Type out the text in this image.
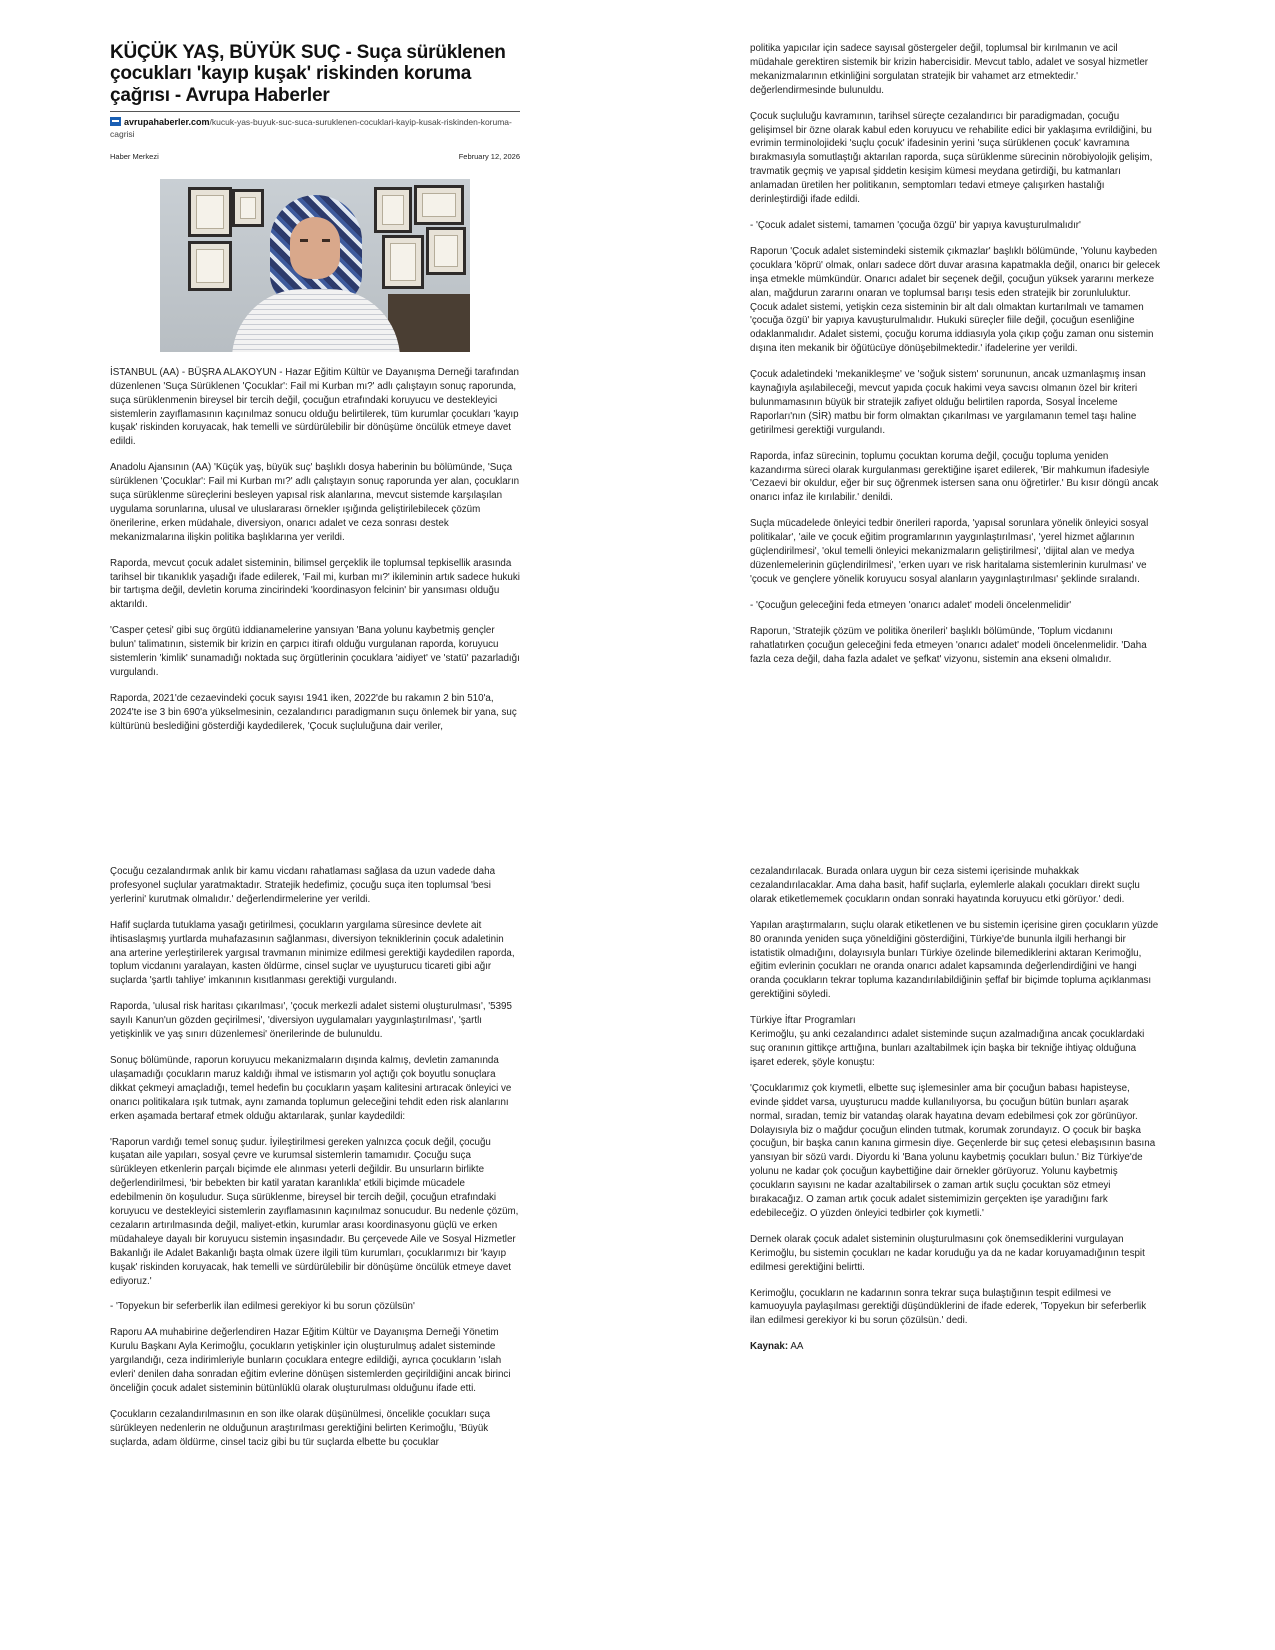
KÜÇÜK YAŞ, BÜYÜK SUÇ - Suça sürüklenen çocukları 'kayıp kuşak' riskinden koruma çağrısı - Avrupa Haberler
avrupahaberler.com/kucuk-yas-buyuk-suc-suca-suruklenen-cocuklari-kayip-kusak-riskinden-koruma-cagrisi
Haber Merkezi	February 12, 2026

İSTANBUL (AA) - BÜŞRA ALAKOYUN - Hazar Eğitim Kültür ve Dayanışma Derneği tarafından düzenlenen 'Suça Sürüklenen 'Çocuklar': Fail mi Kurban mı?' adlı çalıştayın sonuç raporunda, suça sürüklenmenin bireysel bir tercih değil, çocuğun etrafındaki koruyucu ve destekleyici sistemlerin zayıflamasının kaçınılmaz sonucu olduğu belirtilerek, tüm kurumlar çocukları 'kayıp kuşak' riskinden koruyacak, hak temelli ve sürdürülebilir bir dönüşüme öncülük etmeye davet edildi.

Anadolu Ajansının (AA) 'Küçük yaş, büyük suç' başlıklı dosya haberinin bu bölümünde, 'Suça sürüklenen 'Çocuklar': Fail mi Kurban mı?' adlı çalıştayın sonuç raporunda yer alan, çocukların suça sürüklenme süreçlerini besleyen yapısal risk alanlarına, mevcut sistemde karşılaşılan uygulama sorunlarına, ulusal ve uluslararası örnekler ışığında geliştirilebilecek çözüm önerilerine, erken müdahale, diversiyon, onarıcı adalet ve ceza sonrası destek mekanizmalarına ilişkin politika başlıklarına yer verildi.

Raporda, mevcut çocuk adalet sisteminin, bilimsel gerçeklik ile toplumsal tepkisellik arasında tarihsel bir tıkanıklık yaşadığı ifade edilerek, 'Fail mi, kurban mı?' ikileminin artık sadece hukuki bir tartışma değil, devletin koruma zincirindeki 'koordinasyon felcinin' bir yansıması olduğu aktarıldı.

'Casper çetesi' gibi suç örgütü iddianamelerine yansıyan 'Bana yolunu kaybetmiş gençler bulun' talimatının, sistemik bir krizin en çarpıcı itirafı olduğu vurgulanan raporda, koruyucu sistemlerin 'kimlik' sunamadığı noktada suç örgütlerinin çocuklara 'aidiyet' ve 'statü' pazarladığı vurgulandı.

Raporda, 2021'de cezaevindeki çocuk sayısı 1941 iken, 2022'de bu rakamın 2 bin 510'a, 2024'te ise 3 bin 690'a yükselmesinin, cezalandırıcı paradigmanın suçu önlemek bir yana, suç kültürünü beslediğini gösterdiği kaydedilerek, 'Çocuk suçluluğuna dair veriler,

politika yapıcılar için sadece sayısal göstergeler değil, toplumsal bir kırılmanın ve acil müdahale gerektiren sistemik bir krizin habercisidir. Mevcut tablo, adalet ve sosyal hizmetler mekanizmalarının etkinliğini sorgulatan stratejik bir vahamet arz etmektedir.' değerlendirmesinde bulunuldu.

Çocuk suçluluğu kavramının, tarihsel süreçte cezalandırıcı bir paradigmadan, çocuğu gelişimsel bir özne olarak kabul eden koruyucu ve rehabilite edici bir yaklaşıma evrildiğini, bu evrimin terminolojideki 'suçlu çocuk' ifadesinin yerini 'suça sürüklenen çocuk' kavramına bırakmasıyla somutlaştığı aktarılan raporda, suça sürüklenme sürecinin nörobiyolojik gelişim, travmatik geçmiş ve yapısal şiddetin kesişim kümesi meydana getirdiği, bu katmanları anlamadan üretilen her politikanın, semptomları tedavi etmeye çalışırken hastalığı derinleştirdiği ifade edildi.

- 'Çocuk adalet sistemi, tamamen 'çocuğa özgü' bir yapıya kavuşturulmalıdır'

Raporun 'Çocuk adalet sistemindeki sistemik çıkmazlar' başlıklı bölümünde, 'Yolunu kaybeden çocuklara 'köprü' olmak, onları sadece dört duvar arasına kapatmakla değil, onarıcı bir gelecek inşa etmekle mümkündür. Onarıcı adalet bir seçenek değil, çocuğun yüksek yararını merkeze alan, mağdurun zararını onaran ve toplumsal barışı tesis eden stratejik bir zorunluluktur. Çocuk adalet sistemi, yetişkin ceza sisteminin bir alt dalı olmaktan kurtarılmalı ve tamamen 'çocuğa özgü' bir yapıya kavuşturulmalıdır. Hukuki süreçler fiile değil, çocuğun esenliğine odaklanmalıdır. Adalet sistemi, çocuğu koruma iddiasıyla yola çıkıp çoğu zaman onu sistemin dışına iten mekanik bir öğütücüye dönüşebilmektedir.' ifadelerine yer verildi.

Çocuk adaletindeki 'mekanikleşme' ve 'soğuk sistem' sorununun, ancak uzmanlaşmış insan kaynağıyla aşılabileceği, mevcut yapıda çocuk hakimi veya savcısı olmanın özel bir kriteri bulunmamasının büyük bir stratejik zafiyet olduğu belirtilen raporda, Sosyal İnceleme Raporları'nın (SİR) matbu bir form olmaktan çıkarılması ve yargılamanın temel taşı haline getirilmesi gerektiği vurgulandı.

Raporda, infaz sürecinin, toplumu çocuktan koruma değil, çocuğu topluma yeniden kazandırma süreci olarak kurgulanması gerektiğine işaret edilerek, 'Bir mahkumun ifadesiyle 'Cezaevi bir okuldur, eğer bir suç öğrenmek istersen sana onu öğretirler.' Bu kısır döngü ancak onarıcı infaz ile kırılabilir.' denildi.

Suçla mücadelede önleyici tedbir önerileri raporda, 'yapısal sorunlara yönelik önleyici sosyal politikalar', 'aile ve çocuk eğitim programlarının yaygınlaştırılması', 'yerel hizmet ağlarının güçlendirilmesi', 'okul temelli önleyici mekanizmaların geliştirilmesi', 'dijital alan ve medya düzenlemelerinin güçlendirilmesi', 'erken uyarı ve risk haritalama sistemlerinin kurulması' ve 'çocuk ve gençlere yönelik koruyucu sosyal alanların yaygınlaştırılması' şeklinde sıralandı.

- 'Çocuğun geleceğini feda etmeyen 'onarıcı adalet' modeli öncelenmelidir'

Raporun, 'Stratejik çözüm ve politika önerileri' başlıklı bölümünde, 'Toplum vicdanını rahatlatırken çocuğun geleceğini feda etmeyen 'onarıcı adalet' modeli öncelenmelidir. 'Daha fazla ceza değil, daha fazla adalet ve şefkat' vizyonu, sistemin ana ekseni olmalıdır.

Çocuğu cezalandırmak anlık bir kamu vicdanı rahatlaması sağlasa da uzun vadede daha profesyonel suçlular yaratmaktadır. Stratejik hedefimiz, çocuğu suça iten toplumsal 'besi yerlerini' kurutmak olmalıdır.' değerlendirmelerine yer verildi.

Hafif suçlarda tutuklama yasağı getirilmesi, çocukların yargılama süresince devlete ait ihtisaslaşmış yurtlarda muhafazasının sağlanması, diversiyon tekniklerinin çocuk adaletinin ana arterine yerleştirilerek yargısal travmanın minimize edilmesi gerektiği kaydedilen raporda, toplum vicdanını yaralayan, kasten öldürme, cinsel suçlar ve uyuşturucu ticareti gibi ağır suçlarda 'şartlı tahliye' imkanının kısıtlanması gerektiği vurgulandı.

Raporda, 'ulusal risk haritası çıkarılması', 'çocuk merkezli adalet sistemi oluşturulması', '5395 sayılı Kanun'un gözden geçirilmesi', 'diversiyon uygulamaları yaygınlaştırılması', 'şartlı yetişkinlik ve yaş sınırı düzenlemesi' önerilerinde de bulunuldu.

Sonuç bölümünde, raporun koruyucu mekanizmaların dışında kalmış, devletin zamanında ulaşamadığı çocukların maruz kaldığı ihmal ve istismarın yol açtığı çok boyutlu sonuçlara dikkat çekmeyi amaçladığı, temel hedefin bu çocukların yaşam kalitesini artıracak önleyici ve onarıcı politikalara ışık tutmak, aynı zamanda toplumun geleceğini tehdit eden risk alanlarını erken aşamada bertaraf etmek olduğu aktarılarak, şunlar kaydedildi:

'Raporun vardığı temel sonuç şudur. İyileştirilmesi gereken yalnızca çocuk değil, çocuğu kuşatan aile yapıları, sosyal çevre ve kurumsal sistemlerin tamamıdır. Çocuğu suça sürükleyen etkenlerin parçalı biçimde ele alınması yeterli değildir. Bu unsurların birlikte değerlendirilmesi, 'bir bebekten bir katil yaratan karanlıkla' etkili biçimde mücadele edebilmenin ön koşuludur. Suça sürüklenme, bireysel bir tercih değil, çocuğun etrafındaki koruyucu ve destekleyici sistemlerin zayıflamasının kaçınılmaz sonucudur. Bu nedenle çözüm, cezaların artırılmasında değil, maliyet-etkin, kurumlar arası koordinasyonu güçlü ve erken müdahaleye dayalı bir koruyucu sistemin inşasındadır. Bu çerçevede Aile ve Sosyal Hizmetler Bakanlığı ile Adalet Bakanlığı başta olmak üzere ilgili tüm kurumları, çocuklarımızı bir 'kayıp kuşak' riskinden koruyacak, hak temelli ve sürdürülebilir bir dönüşüme öncülük etmeye davet ediyoruz.'

- 'Topyekun bir seferberlik ilan edilmesi gerekiyor ki bu sorun çözülsün'

Raporu AA muhabirine değerlendiren Hazar Eğitim Kültür ve Dayanışma Derneği Yönetim Kurulu Başkanı Ayla Kerimoğlu, çocukların yetişkinler için oluşturulmuş adalet sisteminde yargılandığı, ceza indirimleriyle bunların çocuklara entegre edildiği, ayrıca çocukların 'ıslah evleri' denilen daha sonradan eğitim evlerine dönüşen sistemlerden geçirildiğini ancak birinci önceliğin çocuk adalet sisteminin bütünlüklü olarak oluşturulması olduğunu ifade etti.

Çocukların cezalandırılmasının en son ilke olarak düşünülmesi, öncelikle çocukları suça sürükleyen nedenlerin ne olduğunun araştırılması gerektiğini belirten Kerimoğlu, 'Büyük suçlarda, adam öldürme, cinsel taciz gibi bu tür suçlarda elbette bu çocuklar

cezalandırılacak. Burada onlara uygun bir ceza sistemi içerisinde muhakkak cezalandırılacaklar. Ama daha basit, hafif suçlarla, eylemlerle alakalı çocukları direkt suçlu olarak etiketlememek çocukların ondan sonraki hayatında koruyucu etki görüyor.' dedi.

Yapılan araştırmaların, suçlu olarak etiketlenen ve bu sistemin içerisine giren çocukların yüzde 80 oranında yeniden suça yöneldiğini gösterdiğini, Türkiye'de bununla ilgili herhangi bir istatistik olmadığını, dolayısıyla bunları Türkiye özelinde bilemediklerini aktaran Kerimoğlu, eğitim evlerinin çocukları ne oranda onarıcı adalet kapsamında değerlendirdiğini ve hangi oranda çocukların tekrar topluma kazandırılabildiğinin şeffaf bir biçimde topluma açıklanması gerektiğini söyledi.

Türkiye İftar Programları

Kerimoğlu, şu anki cezalandırıcı adalet sisteminde suçun azalmadığına ancak çocuklardaki suç oranının gittikçe arttığına, bunları azaltabilmek için başka bir tekniğe ihtiyaç olduğuna işaret ederek, şöyle konuştu:

'Çocuklarımız çok kıymetli, elbette suç işlemesinler ama bir çocuğun babası hapisteyse, evinde şiddet varsa, uyuşturucu madde kullanılıyorsa, bu çocuğun bütün bunları aşarak normal, sıradan, temiz bir vatandaş olarak hayatına devam edebilmesi çok zor görünüyor. Dolayısıyla biz o mağdur çocuğun elinden tutmak, korumak zorundayız. O çocuk bir başka çocuğun, bir başka canın kanına girmesin diye. Geçenlerde bir suç çetesi elebaşısının basına yansıyan bir sözü vardı. Diyordu ki 'Bana yolunu kaybetmiş çocukları bulun.' Biz Türkiye'de yolunu ne kadar çok çocuğun kaybettiğine dair örnekler görüyoruz. Yolunu kaybetmiş çocukların sayısını ne kadar azaltabilirsek o zaman artık suçlu çocuktan söz etmeyi bırakacağız. O zaman artık çocuk adalet sistemimizin gerçekten işe yaradığını fark edebileceğiz. O yüzden önleyici tedbirler çok kıymetli.'

Dernek olarak çocuk adalet sisteminin oluşturulmasını çok önemsediklerini vurgulayan Kerimoğlu, bu sistemin çocukları ne kadar koruduğu ya da ne kadar koruyamadığının tespit edilmesi gerektiğini belirtti.

Kerimoğlu, çocukların ne kadarının sonra tekrar suça bulaştığının tespit edilmesi ve kamuoyuyla paylaşılması gerektiği düşündüklerini de ifade ederek, 'Topyekun bir seferberlik ilan edilmesi gerekiyor ki bu sorun çözülsün.' dedi.

Kaynak: AA
